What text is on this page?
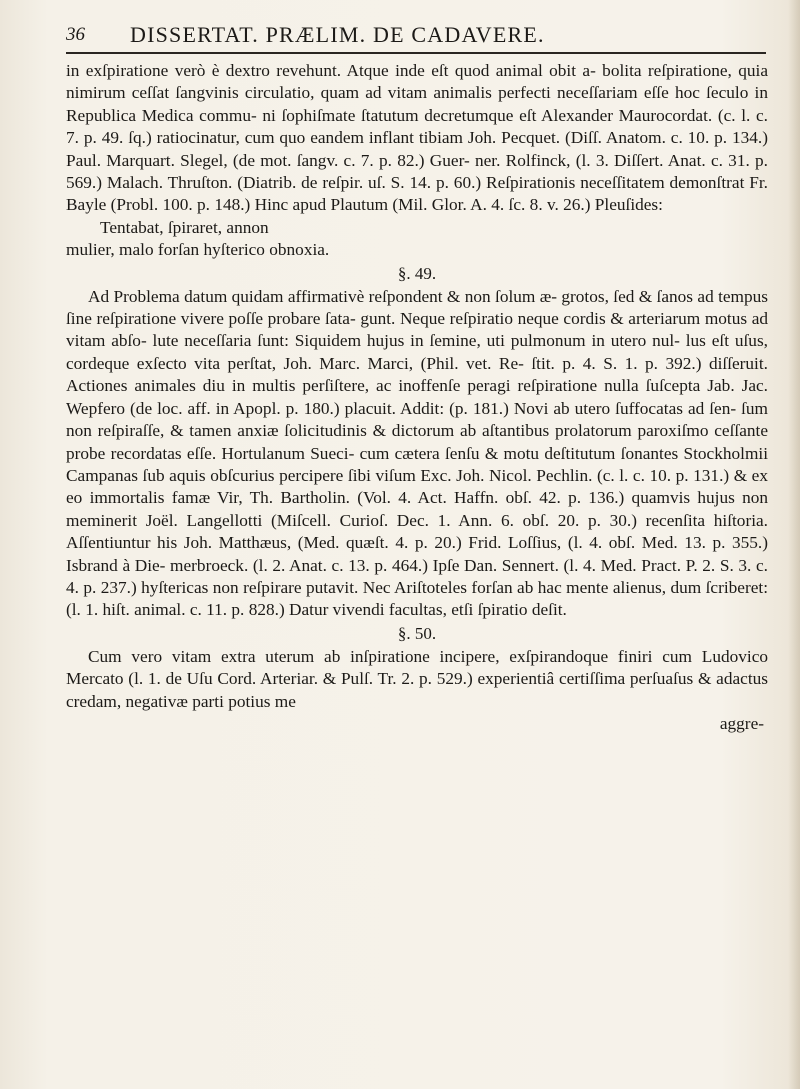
36 DISSERTAT. PRÆLIM. DE CADAVERE.

in exſpiratione verò è dextro revehunt. Atque inde eſt quod animal obit a- bolita reſpiratione, quia nimirum ceſſat ſangvinis circulatio, quam ad vitam animalis perfecti neceſſariam eſſe hoc ſeculo in Republica Medica commu- ni ſophiſmate ſtatutum decretumque eſt Alexander Maurocordat. (c. l. c. 7. p. 49. ſq.) ratiocinatur, cum quo eandem inflant tibiam Joh. Pecquet. (Diſſ. Anatom. c. 10. p. 134.) Paul. Marquart. Slegel, (de mot. ſangv. c. 7. p. 82.) Guer- ner. Rolfinck, (l. 3. Diſſert. Anat. c. 31. p. 569.) Malach. Thruſton. (Diatrib. de reſpir. uſ. S. 14. p. 60.) Reſpirationis neceſſitatem demonſtrat Fr. Bayle (Probl. 100. p. 148.) Hinc apud Plautum (Mil. Glor. A. 4. ſc. 8. v. 26.) Pleuſides:

Tentabat, ſpiraret, annon

mulier, malo forſan hyſterico obnoxia.

§. 49.

Ad Problema datum quidam affirmativè reſpondent & non ſolum æ- grotos, ſed & ſanos ad tempus ſine reſpiratione vivere poſſe probare ſata- gunt. Neque reſpiratio neque cordis & arteriarum motus ad vitam abſo- lute neceſſaria ſunt: Siquidem hujus in ſemine, uti pulmonum in utero nul- lus eſt uſus, cordeque exſecto vita perſtat, Joh. Marc. Marci, (Phil. vet. Re- ſtit. p. 4. S. 1. p. 392.) diſſeruit. Actiones animales diu in multis perſiſtere, ac inoffenſe peragi reſpiratione nulla ſuſcepta Jab. Jac. Wepfero (de loc. aff. in Apopl. p. 180.) placuit. Addit: (p. 181.) Novi ab utero ſuffocatas ad ſen- ſum non reſpiraſſe, & tamen anxiæ ſolicitudinis & dictorum ab aſtantibus prolatorum paroxiſmo ceſſante probe recordatas eſſe. Hortulanum Sueci- cum cætera ſenſu & motu deſtitutum ſonantes Stockholmii Campanas ſub aquis obſcurius percipere ſibi viſum Exc. Joh. Nicol. Pechlin. (c. l. c. 10. p. 131.) & ex eo immortalis famæ Vir, Th. Bartholin. (Vol. 4. Act. Haffn. obſ. 42. p. 136.) quamvis hujus non meminerit Joël. Langellotti (Miſcell. Curioſ. Dec. 1. Ann. 6. obſ. 20. p. 30.) recenſita hiſtoria. Aſſentiuntur his Joh. Matthæus, (Med. quæſt. 4. p. 20.) Frid. Loſſius, (l. 4. obſ. Med. 13. p. 355.) Isbrand à Die- merbroeck. (l. 2. Anat. c. 13. p. 464.) Ipſe Dan. Sennert. (l. 4. Med. Pract. P. 2. S. 3. c. 4. p. 237.) hyſtericas non reſpirare putavit. Nec Ariſtoteles forſan ab hac mente alienus, dum ſcriberet: (l. 1. hiſt. animal. c. 11. p. 828.) Datur vivendi facultas, etſi ſpiratio deſit.

§. 50.

Cum vero vitam extra uterum ab inſpiratione incipere, exſpirandoque finiri cum Ludovico Mercato (l. 1. de Uſu Cord. Arteriar. & Pulſ. Tr. 2. p. 529.) experientiâ certiſſima perſuaſus & adactus credam, negativæ parti potius me

aggre-
